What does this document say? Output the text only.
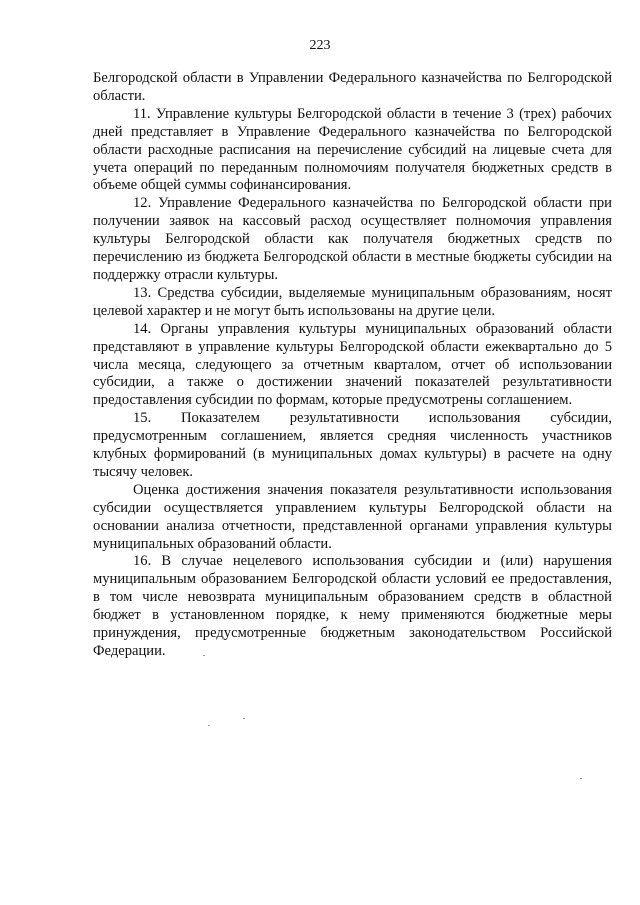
223

Белгородской области в Управлении Федерального казначейства по Белгородской области.

11. Управление культуры Белгородской области в течение 3 (трех) рабочих дней представляет в Управление Федерального казначейства по Белгородской области расходные расписания на перечисление субсидий на лицевые счета для учета операций по переданным полномочиям получателя бюджетных средств в объеме общей суммы софинансирования.

12. Управление Федерального казначейства по Белгородской области при получении заявок на кассовый расход осуществляет полномочия управления культуры Белгородской области как получателя бюджетных средств по перечислению из бюджета Белгородской области в местные бюджеты субсидии на поддержку отрасли культуры.

13. Средства субсидии, выделяемые муниципальным образованиям, носят целевой характер и не могут быть использованы на другие цели.

14. Органы управления культуры муниципальных образований области представляют в управление культуры Белгородской области ежеквартально до 5 числа месяца, следующего за отчетным кварталом, отчет об использовании субсидии, а также о достижении значений показателей результативности предоставления субсидии по формам, которые предусмотрены соглашением.

15. Показателем результативности использования субсидии, предусмотренным соглашением, является средняя численность участников клубных формирований (в муниципальных домах культуры) в расчете на одну тысячу человек.

Оценка достижения значения показателя результативности использования субсидии осуществляется управлением культуры Белгородской области на основании анализа отчетности, представленной органами управления культуры муниципальных образований области.

16. В случае нецелевого использования субсидии и (или) нарушения муниципальным образованием Белгородской области условий ее предоставления, в том числе невозврата муниципальным образованием средств в областной бюджет в установленном порядке, к нему применяются бюджетные меры принуждения, предусмотренные бюджетным законодательством Российской Федерации.
